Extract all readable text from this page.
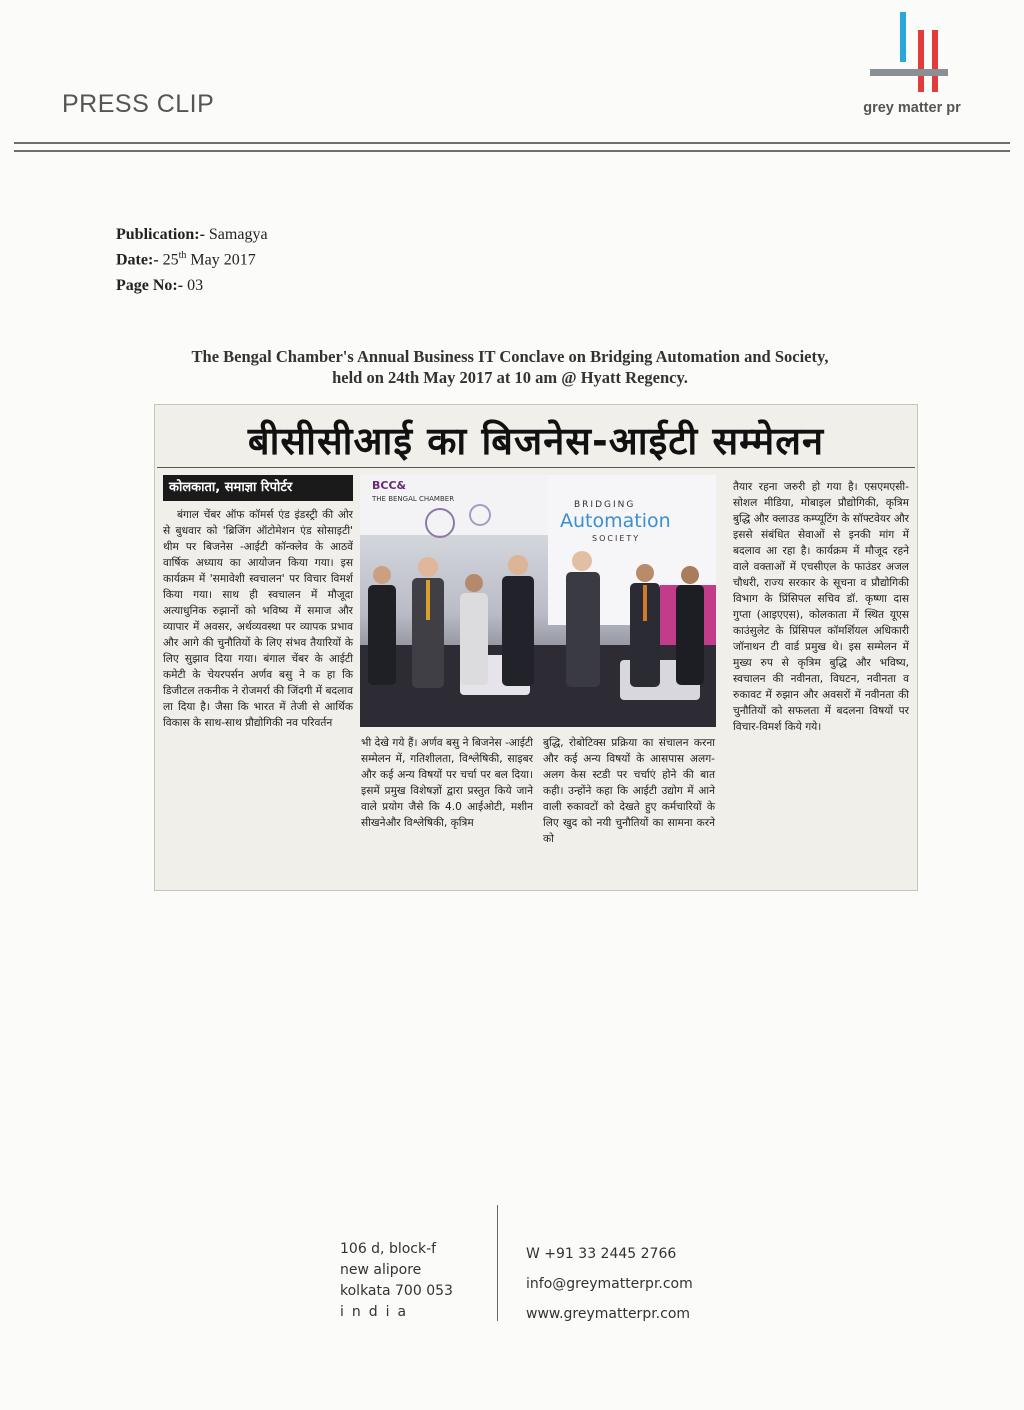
PRESS CLIP	grey matter pr
Publication:- Samagya
Date:- 25th May 2017
Page No:- 03
The Bengal Chamber's Annual Business IT Conclave on Bridging Automation and Society,
held on 24th May 2017 at 10 am @ Hyatt Regency.
बीसीसीआई का बिजनेस-आईटी सम्मेलन
कोलकाता, समाज्ञा रिपोर्टर
बंगाल चेंबर ऑफ कॉमर्स एंड इंडस्ट्री की ओर से बुधवार को 'ब्रिजिंग ऑटोमेशन एंड सोसाइटी' थीम पर बिजनेस -आईटी कॉन्क्लेव के आठवें वार्षिक अध्याय का आयोजन किया गया। इस कार्यक्रम में 'समावेशी स्वचालन' पर विचार विमर्श किया गया। साथ ही स्वचालन में मौजूदा अत्याधुनिक रुझानों को भविष्य में समाज और व्यापार में अवसर, अर्थव्यवस्था पर व्यापक प्रभाव और आगे की चुनौतियों के लिए संभव तैयारियों के लिए सुझाव दिया गया। बंगाल चेंबर के आईटी कमेटी के चेयरपर्सन अर्णव बसु ने क हा कि डिजीटल तकनीक ने रोजमर्रा की जिंदगी में बदलाव ला दिया है। जैसा कि भारत में तेजी से आर्थिक विकास के साथ-साथ प्रौद्योगिकी नव परिवर्तन
BCC&
THE BENGAL CHAMBER
BRIDGING
Automation
SOCIETY
भी देखे गये हैं। अर्णव बसु ने बिजनेस -आईटी सम्मेलन में, गतिशीलता, विश्लेषिकी, साइबर और कई अन्य विषयों पर चर्चा पर बल दिया। इसमें प्रमुख विशेषज्ञों द्वारा प्रस्तुत किये जाने वाले प्रयोग जैसे कि 4.0 आईओटी, मशीन सीखनेऔर विश्लेषिकी, कृत्रिम
बुद्धि, रोबोटिक्स प्रक्रिया का संचालन करना और कई अन्य विषयों के आसपास अलग-अलग केस स्टडी पर चर्चाएं होने की बात कही। उन्होंने कहा कि आईटी उद्योग में आने वाली रुकावटों को देखते हुए कर्मचारियों के लिए खुद को नयी चुनौतियों का सामना करने को
तैयार रहना जरुरी हो गया है। एसएमएसी- सोशल मीडिया, मोबाइल प्रौद्योगिकी, कृत्रिम बुद्धि और क्लाउड कम्प्यूटिंग के सॉफ्टवेयर और इससे संबंधित सेवाओं से इनकी मांग में बदलाव आ रहा है। कार्यक्रम में मौजूद रहने वाले वक्ताओं में एचसीएल के फाउंडर अजल चौधरी, राज्य सरकार के सूचना व प्रौद्योगिकी विभाग के प्रिंसिपल सचिव डॉ. कृष्णा दास गुप्ता (आइएएस), कोलकाता में स्थित यूएस काउंसुलेट के प्रिंसिपल कॉमर्शियल अधिकारी जॉनाथन टी वार्ड प्रमुख थे। इस सम्मेलन में मुख्य रुप से कृत्रिम बुद्धि और भविष्य, स्वचालन की नवीनता, विघटन, नवीनता व रुकावट में रुझान और अवसरों में नवीनता की चुनौतियों को सफलता में बदलना विषयों पर विचार-विमर्श किये गये।
106 d, block-f
new alipore
kolkata 700 053
india
W +91 33 2445 2766
info@greymatterpr.com
www.greymatterpr.com
